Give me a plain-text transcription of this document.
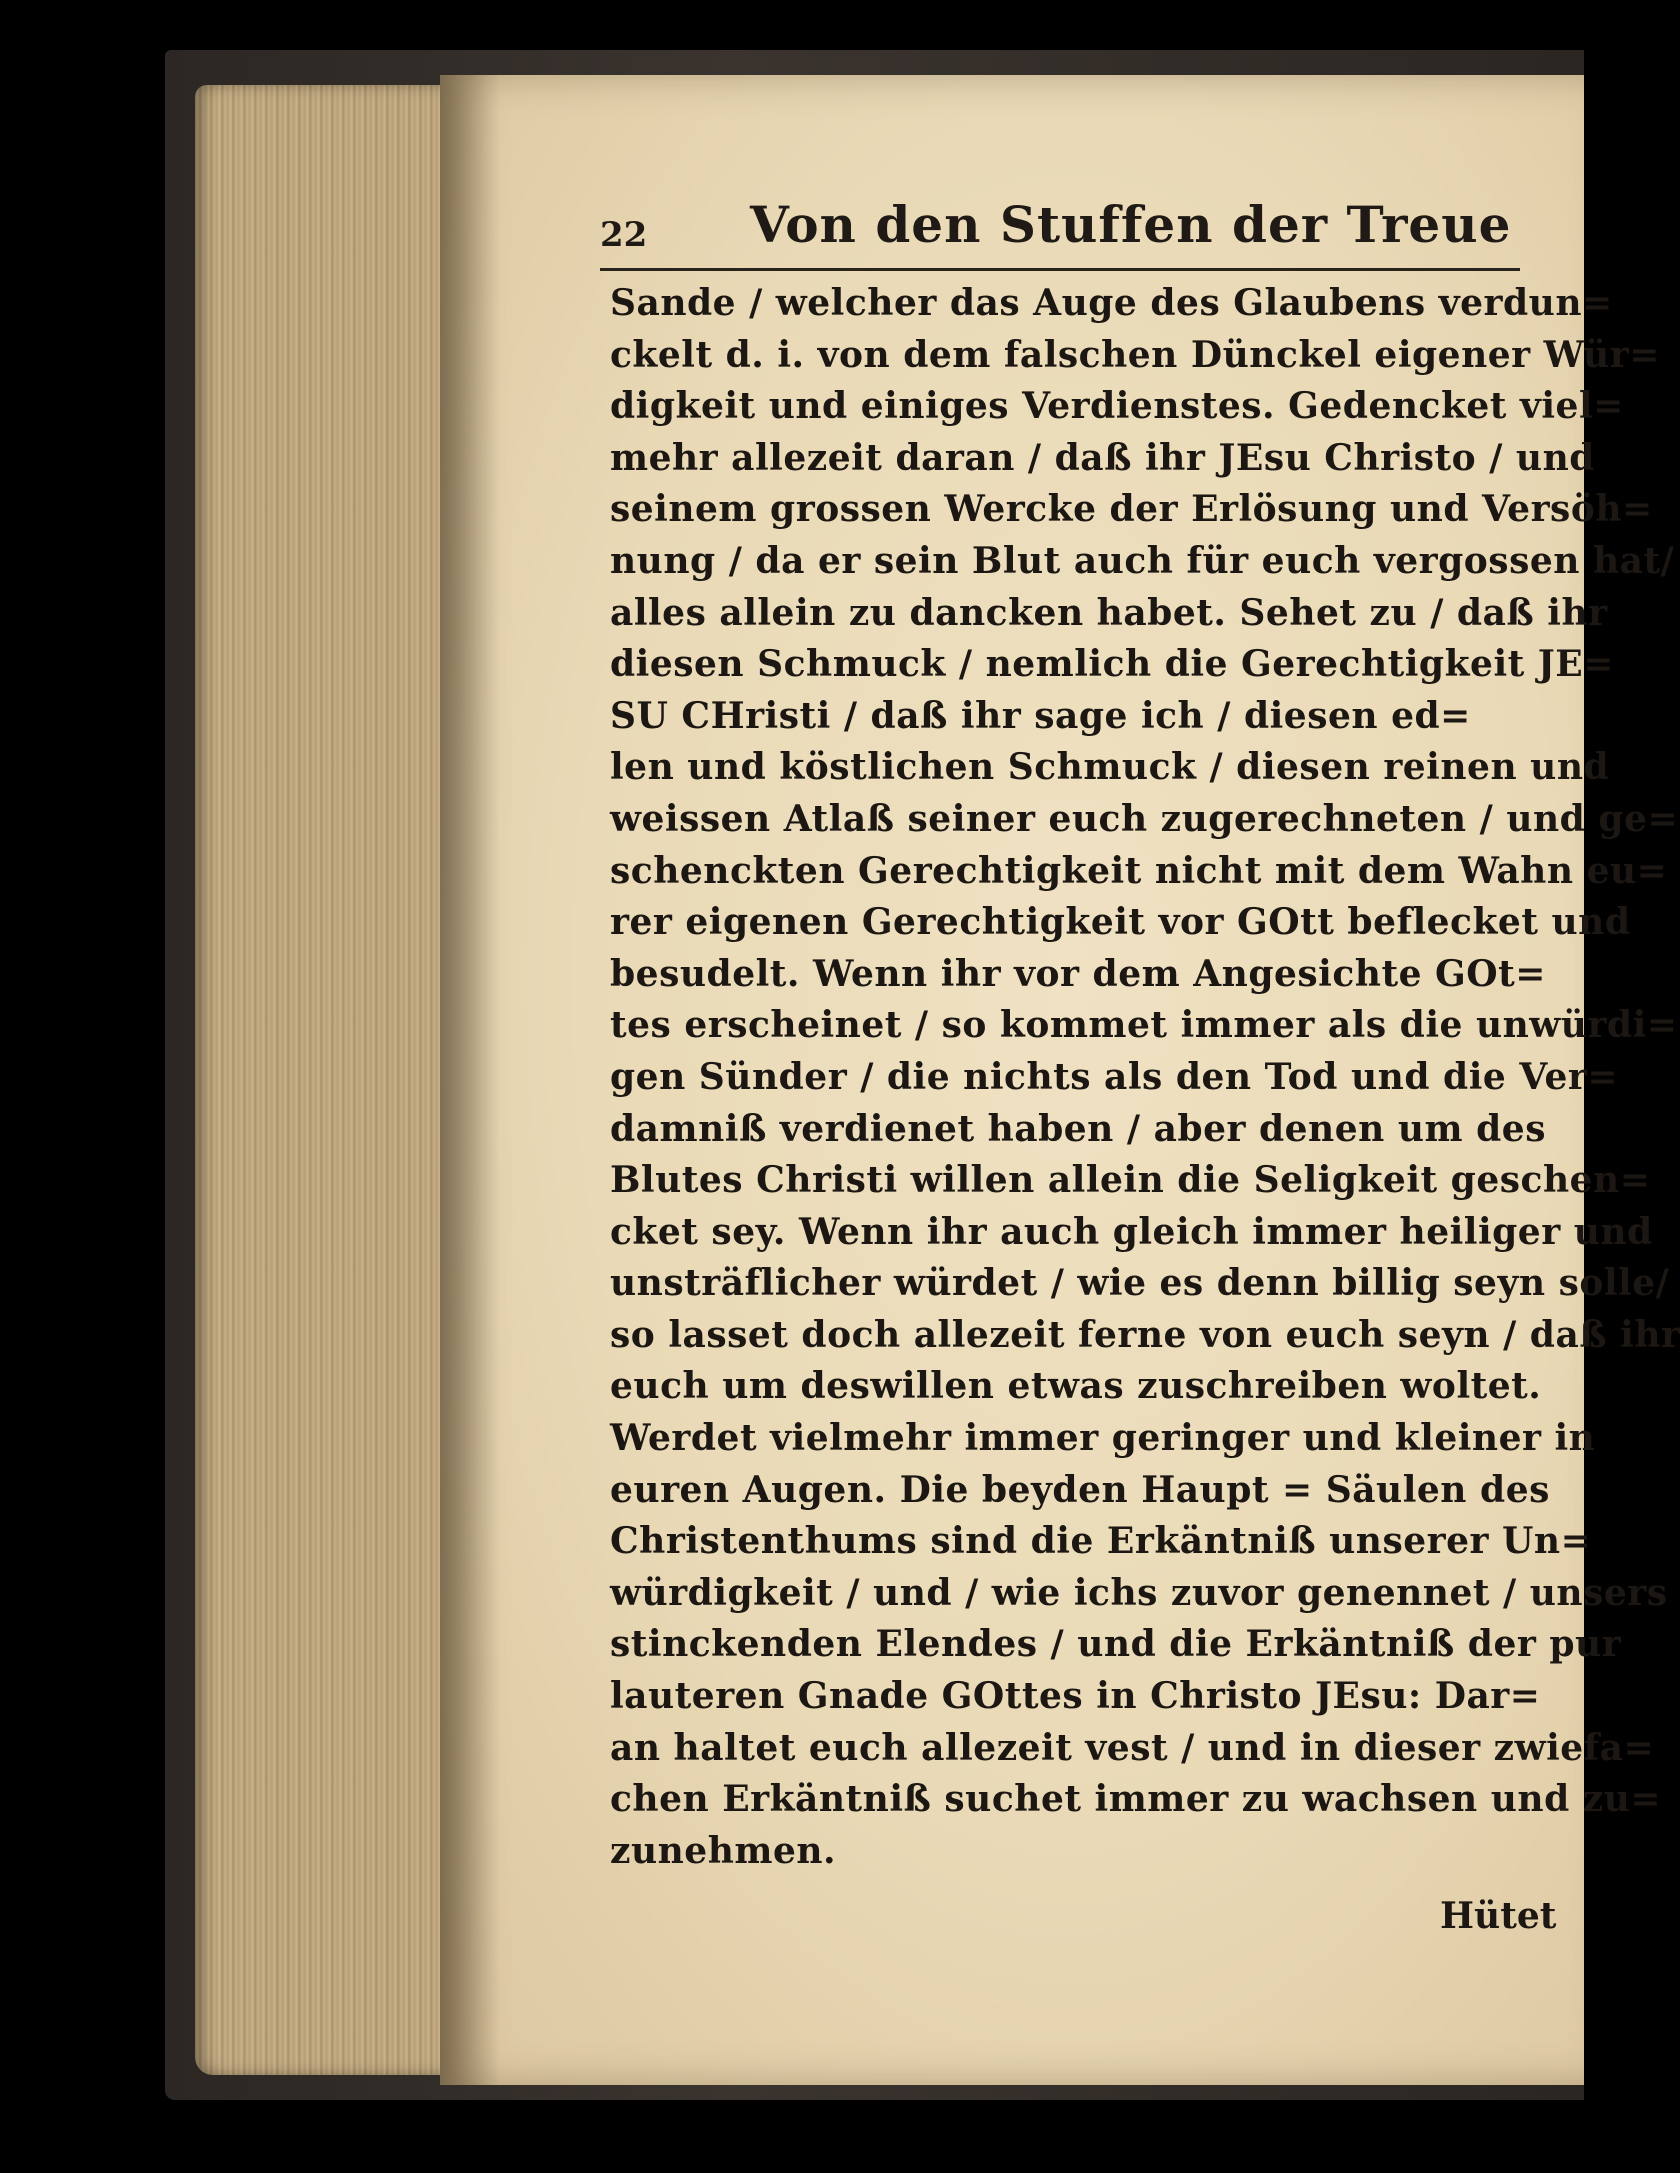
22 Von den Stuffen der Treue
Sande / welcher das Auge des Glaubens verdun=
ckelt d. i. von dem falschen Dünckel eigener Wür=
digkeit und einiges Verdienstes. Gedencket viel=
mehr allezeit daran / daß ihr JEsu Christo / und
seinem grossen Wercke der Erlösung und Versöh=
nung / da er sein Blut auch für euch vergossen hat/
alles allein zu dancken habet. Sehet zu / daß ihr
diesen Schmuck / nemlich die Gerechtigkeit JE=
SU CHristi / daß ihr sage ich / diesen ed=
len und köstlichen Schmuck / diesen reinen und
weissen Atlaß seiner euch zugerechneten / und ge=
schenckten Gerechtigkeit nicht mit dem Wahn eu=
rer eigenen Gerechtigkeit vor GOtt beflecket und
besudelt. Wenn ihr vor dem Angesichte GOt=
tes erscheinet / so kommet immer als die unwürdi=
gen Sünder / die nichts als den Tod und die Ver=
damniß verdienet haben / aber denen um des
Blutes Christi willen allein die Seligkeit geschen=
cket sey. Wenn ihr auch gleich immer heiliger und
unsträflicher würdet / wie es denn billig seyn solle/
so lasset doch allezeit ferne von euch seyn / daß ihr
euch um deswillen etwas zuschreiben woltet.
Werdet vielmehr immer geringer und kleiner in
euren Augen. Die beyden Haupt = Säulen des
Christenthums sind die Erkäntniß unserer Un=
würdigkeit / und / wie ichs zuvor genennet / unsers
stinckenden Elendes / und die Erkäntniß der pur
lauteren Gnade GOttes in Christo JEsu: Dar=
an haltet euch allezeit vest / und in dieser zwiefa=
chen Erkäntniß suchet immer zu wachsen und zu=
zunehmen.
Hütet
